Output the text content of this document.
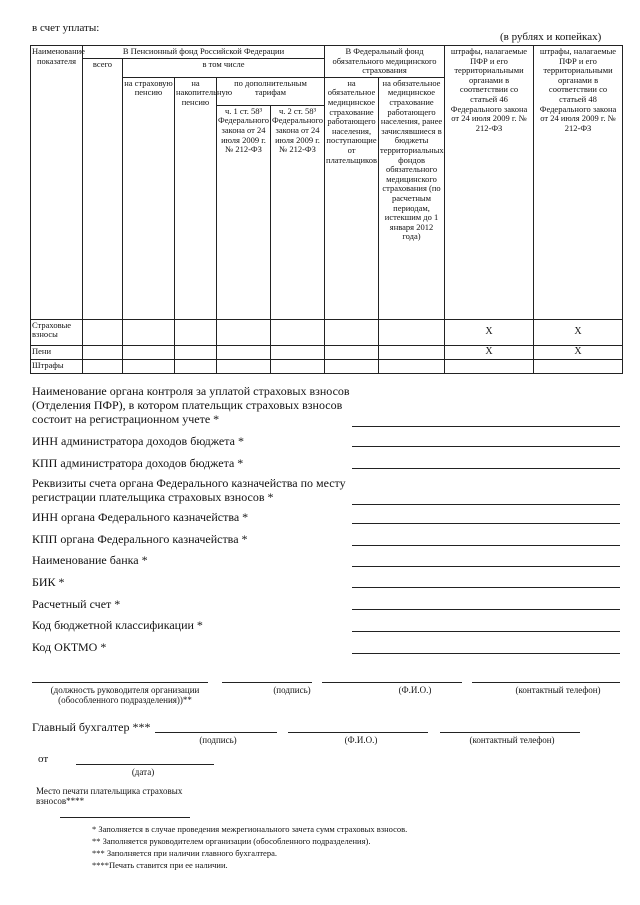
в счет уплаты:
(в рублях и копейках)
Наименование показателя	В Пенсионный фонд Российской Федерации					В Федеральный фонд обязательного медицинского страхования		штрафы, налагаемые ПФР и его территориальными органами в соответствии со статьей 46 Федерального закона от 24 июля 2009 г. № 212-ФЗ	штрафы, налагаемые ПФР и его территориальными органами в соответствии со статьей 48 Федерального закона от 24 июля 2009 г. № 212-ФЗ
	всего	в том числе							
		на страховую пенсию	на накопительную пенсию	по дополнительным тарифам		на обязательное медицинское страхование работающего населения, поступающие от плательщиков	на обязательное медицинское страхование работающего населения, ранее зачислявшиеся в бюджеты территориальных фондов обязательного медицинского страхования (по расчетным периодам, истекшим до 1 января 2012 года)		
				ч. 1 ст. 58³ Федерального закона от 24 июля 2009 г. № 212-ФЗ	ч. 2 ст. 58³ Федерального закона от 24 июля 2009 г. № 212-ФЗ				
Страховые взносы								X	X
Пени								X	X
Штрафы									
Наименование органа контроля за уплатой страховых взносов (Отделения ПФР), в котором плательщик страховых взносов состоит на регистрационном учете *
ИНН администратора доходов бюджета *
КПП администратора доходов бюджета *
Реквизиты счета органа Федерального казначейства по месту регистрации плательщика страховых взносов *
ИНН органа Федерального казначейства *
КПП органа Федерального казначейства *
Наименование банка *
БИК *
Расчетный счет *
Код бюджетной классификации *
Код ОКТМО *
(должность руководителя организации (обособленного подразделения))**
(подпись)	(Ф.И.О.)	(контактный телефон)
Главный бухгалтер ***
(подпись)	(Ф.И.О.)	(контактный телефон)
от
(дата)
Место печати плательщика страховых взносов****
* Заполняется в случае проведения межрегионального зачета сумм страховых взносов.
** Заполняется руководителем организации (обособленного подразделения).
*** Заполняется при наличии главного бухгалтера.
****Печать ставится при ее наличии.
